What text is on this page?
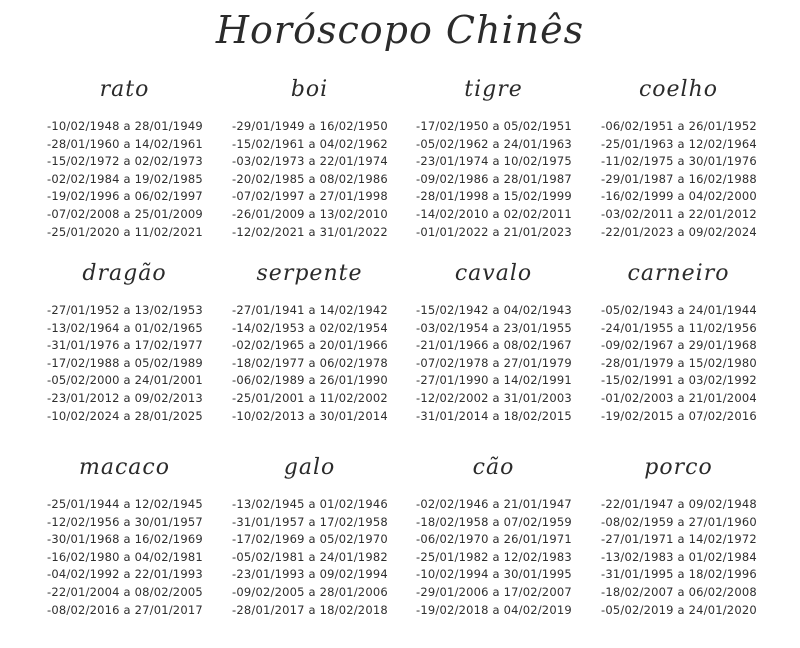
Horóscopo Chinês
rato
-10/02/1948 a 28/01/1949
-28/01/1960 a 14/02/1961
-15/02/1972 a 02/02/1973
-02/02/1984 a 19/02/1985
-19/02/1996 a 06/02/1997
-07/02/2008 a 25/01/2009
-25/01/2020 a 11/02/2021
boi
-29/01/1949 a 16/02/1950
-15/02/1961 a 04/02/1962
-03/02/1973 a 22/01/1974
-20/02/1985 a 08/02/1986
-07/02/1997 a 27/01/1998
-26/01/2009 a 13/02/2010
-12/02/2021 a 31/01/2022
tigre
-17/02/1950 a 05/02/1951
-05/02/1962 a 24/01/1963
-23/01/1974 a 10/02/1975
-09/02/1986 a 28/01/1987
-28/01/1998 a 15/02/1999
-14/02/2010 a 02/02/2011
-01/01/2022 a 21/01/2023
coelho
-06/02/1951 a 26/01/1952
-25/01/1963 a 12/02/1964
-11/02/1975 a 30/01/1976
-29/01/1987 a 16/02/1988
-16/02/1999 a 04/02/2000
-03/02/2011 a 22/01/2012
-22/01/2023 a 09/02/2024
dragão
-27/01/1952 a 13/02/1953
-13/02/1964 a 01/02/1965
-31/01/1976 a 17/02/1977
-17/02/1988 a 05/02/1989
-05/02/2000 a 24/01/2001
-23/01/2012 a 09/02/2013
-10/02/2024 a 28/01/2025
serpente
-27/01/1941 a 14/02/1942
-14/02/1953 a 02/02/1954
-02/02/1965 a 20/01/1966
-18/02/1977 a 06/02/1978
-06/02/1989 a 26/01/1990
-25/01/2001 a 11/02/2002
-10/02/2013 a 30/01/2014
cavalo
-15/02/1942 a 04/02/1943
-03/02/1954 a 23/01/1955
-21/01/1966 a 08/02/1967
-07/02/1978 a 27/01/1979
-27/01/1990 a 14/02/1991
-12/02/2002 a 31/01/2003
-31/01/2014 a 18/02/2015
carneiro
-05/02/1943 a 24/01/1944
-24/01/1955 a 11/02/1956
-09/02/1967 a 29/01/1968
-28/01/1979 a 15/02/1980
-15/02/1991 a 03/02/1992
-01/02/2003 a 21/01/2004
-19/02/2015 a 07/02/2016
macaco
-25/01/1944 a 12/02/1945
-12/02/1956 a 30/01/1957
-30/01/1968 a 16/02/1969
-16/02/1980 a 04/02/1981
-04/02/1992 a 22/01/1993
-22/01/2004 a 08/02/2005
-08/02/2016 a 27/01/2017
galo
-13/02/1945 a 01/02/1946
-31/01/1957 a 17/02/1958
-17/02/1969 a 05/02/1970
-05/02/1981 a 24/01/1982
-23/01/1993 a 09/02/1994
-09/02/2005 a 28/01/2006
-28/01/2017 a 18/02/2018
cão
-02/02/1946 a 21/01/1947
-18/02/1958 a 07/02/1959
-06/02/1970 a 26/01/1971
-25/01/1982 a 12/02/1983
-10/02/1994 a 30/01/1995
-29/01/2006 a 17/02/2007
-19/02/2018 a 04/02/2019
porco
-22/01/1947 a 09/02/1948
-08/02/1959 a 27/01/1960
-27/01/1971 a 14/02/1972
-13/02/1983 a 01/02/1984
-31/01/1995 a 18/02/1996
-18/02/2007 a 06/02/2008
-05/02/2019 a 24/01/2020
